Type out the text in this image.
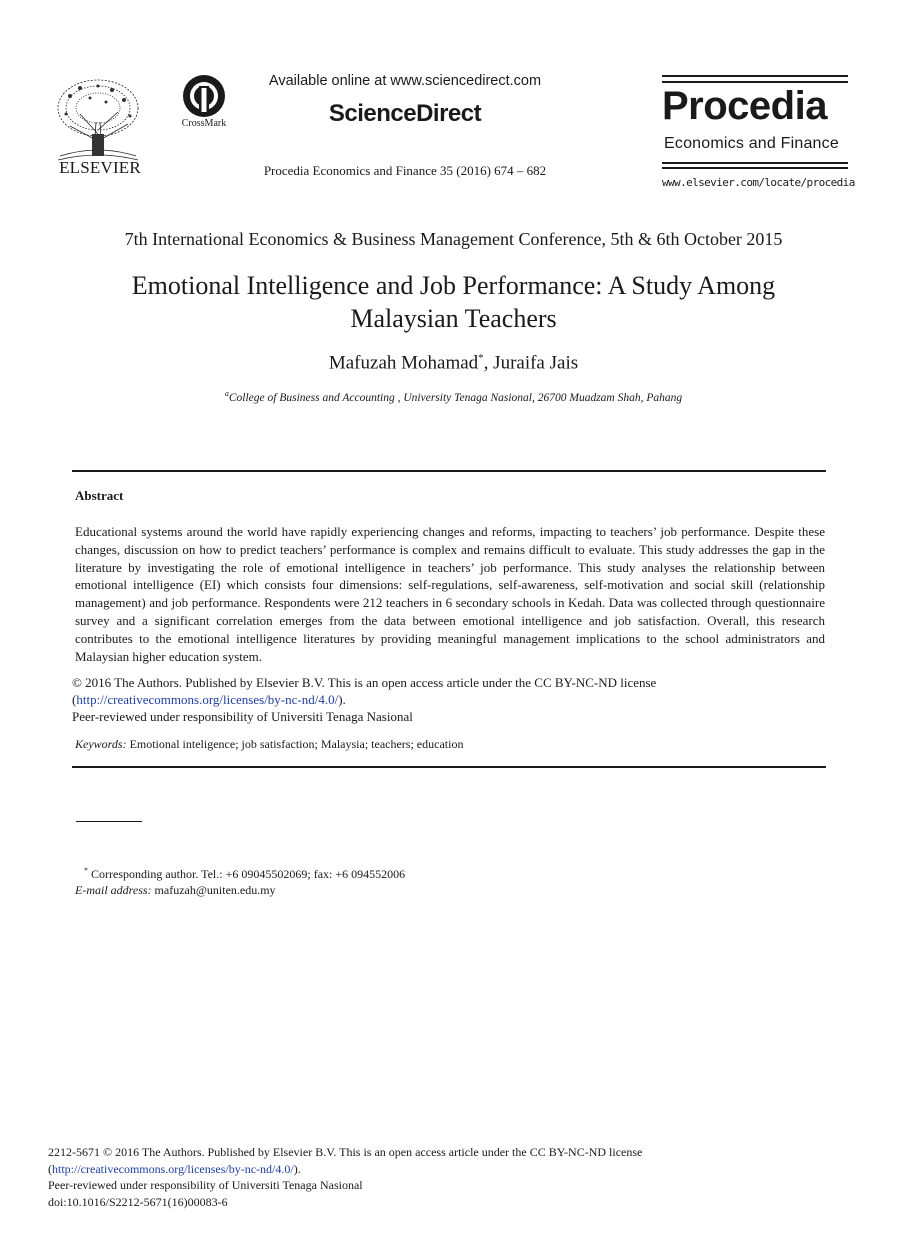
ELSEVIER
CrossMark
Available online at www.sciencedirect.com
ScienceDirect
Procedia Economics and Finance 35 (2016) 674 – 682
Procedia
Economics and Finance
www.elsevier.com/locate/procedia
7th International Economics & Business Management Conference, 5th & 6th October 2015
Emotional Intelligence and Job Performance: A Study Among Malaysian Teachers
Mafuzah Mohamad*, Juraifa Jais
$^a$College of Business and Accounting , University Tenaga Nasional, 26700 Muadzam Shah, Pahang
Abstract
Educational systems around the world have rapidly experiencing changes and reforms, impacting to teachers’ job performance. Despite these changes, discussion on how to predict teachers’ performance is complex and remains difficult to evaluate. This study addresses the gap in the literature by investigating the role of emotional intelligence in teachers’ job performance. This study analyses the relationship between emotional intelligence (EI) which consists four dimensions: self-regulations, self-awareness, self-motivation and social skill (relationship management) and job performance. Respondents were 212 teachers in 6 secondary schools in Kedah. Data was collected through questionnaire survey and a significant correlation emerges from the data between emotional intelligence and job satisfaction. Overall, this research contributes to the emotional intelligence literatures by providing meaningful management implications to the school administrators and Malaysian higher education system.
© 2016 The Authors. Published by Elsevier B.V. This is an open access article under the CC BY-NC-ND license
(http://creativecommons.org/licenses/by-nc-nd/4.0/).
Peer-reviewed under responsibility of Universiti Tenaga Nasional
Keywords: Emotional inteligence; job satisfaction; Malaysia; teachers; education
* Corresponding author. Tel.: +6 09045502069; fax: +6 094552006
E-mail address: mafuzah@uniten.edu.my
2212-5671 © 2016 The Authors. Published by Elsevier B.V. This is an open access article under the CC BY-NC-ND license
(http://creativecommons.org/licenses/by-nc-nd/4.0/).
Peer-reviewed under responsibility of Universiti Tenaga Nasional
doi:10.1016/S2212-5671(16)00083-6
